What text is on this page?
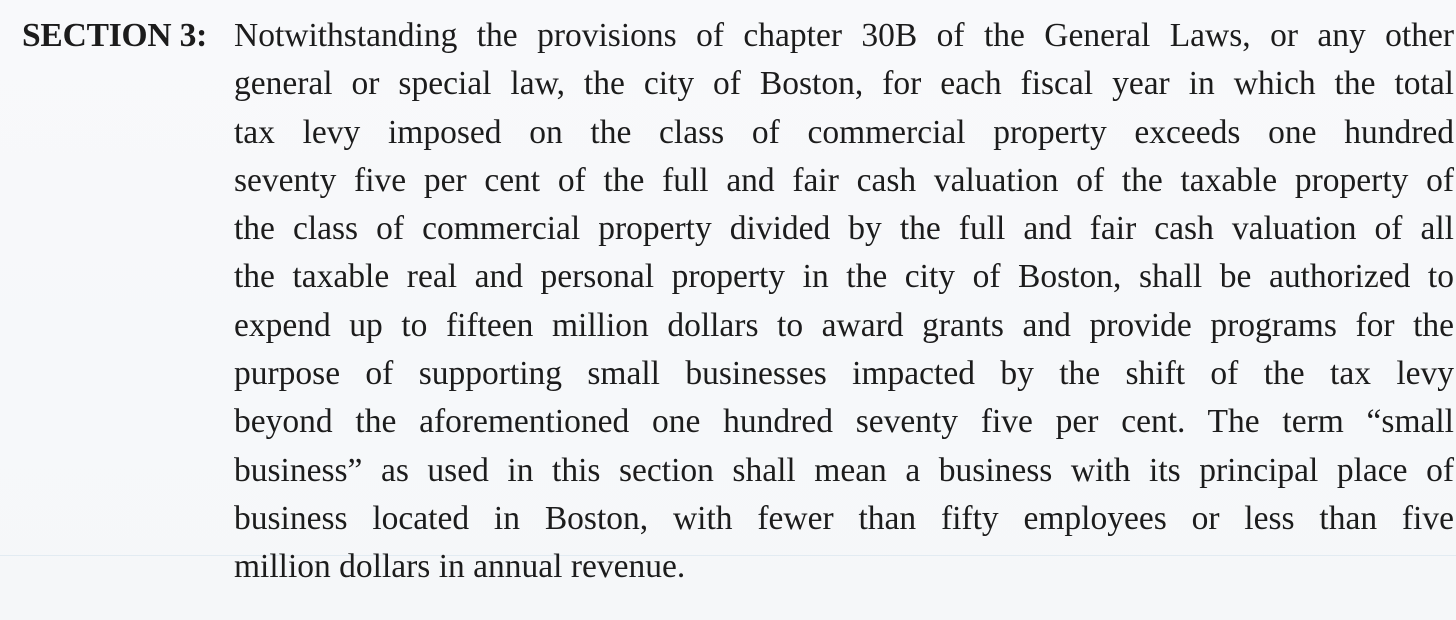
SECTION 3: Notwithstanding the provisions of chapter 30B of the General Laws, or any other
general or special law, the city of Boston, for each fiscal year in which the total
tax levy imposed on the class of commercial property exceeds one hundred
seventy five per cent of the full and fair cash valuation of the taxable property of
the class of commercial property divided by the full and fair cash valuation of all
the taxable real and personal property in the city of Boston, shall be authorized to
expend up to fifteen million dollars to award grants and provide programs for the
purpose of supporting small businesses impacted by the shift of the tax levy
beyond the aforementioned one hundred seventy five per cent. The term “small
business” as used in this section shall mean a business with its principal place of
business located in Boston, with fewer than fifty employees or less than five
million dollars in annual revenue.
